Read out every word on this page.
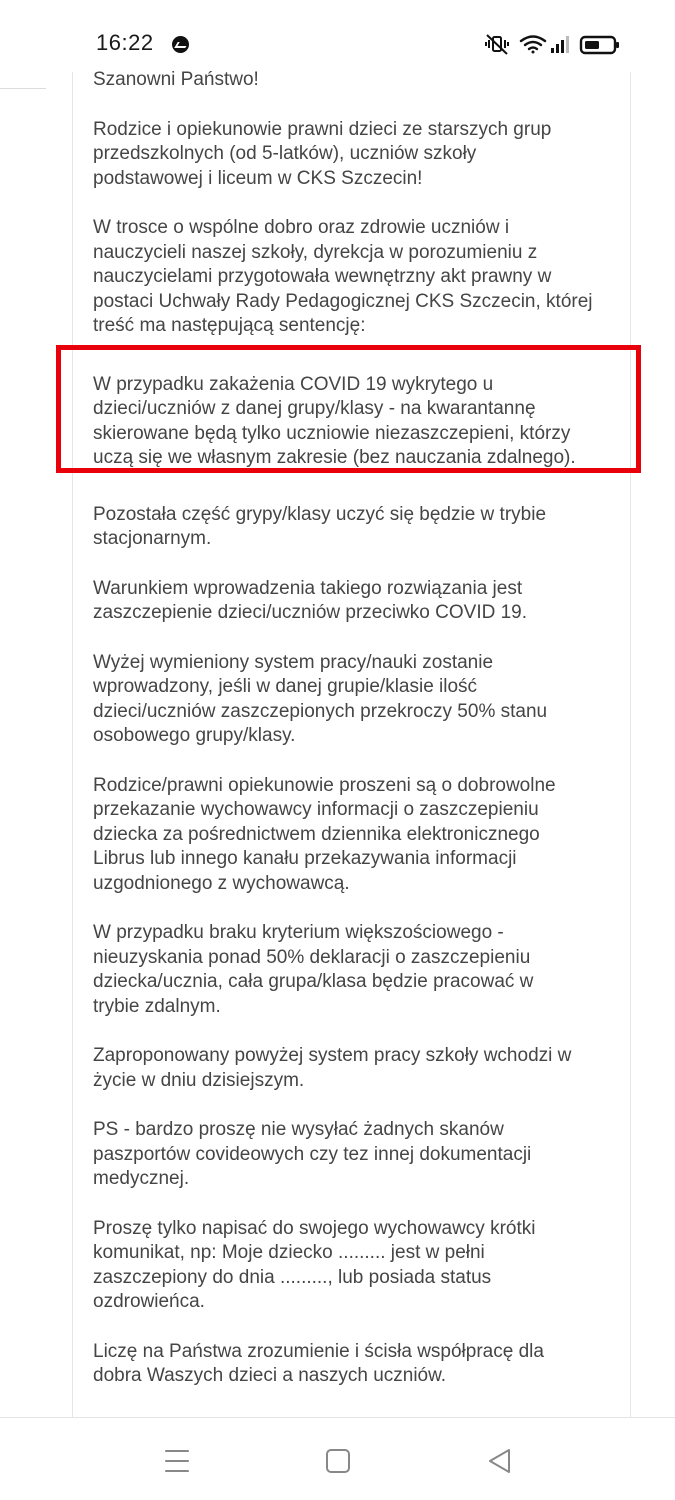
16:22

Szanowni Państwo!

Rodzice i opiekunowie prawni dzieci ze starszych grup
przedszkolnych (od 5-latków), uczniów szkoły
podstawowej i liceum w CKS Szczecin!

W trosce o wspólne dobro oraz zdrowie uczniów i
nauczycieli naszej szkoły, dyrekcja w porozumieniu z
nauczycielami przygotowała wewnętrzny akt prawny w
postaci Uchwały Rady Pedagogicznej CKS Szczecin, której
treść ma następującą sentencję:

W przypadku zakażenia COVID 19 wykrytego u
dzieci/uczniów z danej grupy/klasy - na kwarantannę
skierowane będą tylko uczniowie niezaszczepieni, którzy
uczą się we własnym zakresie (bez nauczania zdalnego).

Pozostała część grypy/klasy uczyć się będzie w trybie
stacjonarnym.

Warunkiem wprowadzenia takiego rozwiązania jest
zaszczepienie dzieci/uczniów przeciwko COVID 19.

Wyżej wymieniony system pracy/nauki zostanie
wprowadzony, jeśli w danej grupie/klasie ilość
dzieci/uczniów zaszczepionych przekroczy 50% stanu
osobowego grupy/klasy.

Rodzice/prawni opiekunowie proszeni są o dobrowolne
przekazanie wychowawcy informacji o zaszczepieniu
dziecka za pośrednictwem dziennika elektronicznego
Librus lub innego kanału przekazywania informacji
uzgodnionego z wychowawcą.

W przypadku braku kryterium większościowego -
nieuzyskania ponad 50% deklaracji o zaszczepieniu
dziecka/ucznia, cała grupa/klasa będzie pracować w
trybie zdalnym.

Zaproponowany powyżej system pracy szkoły wchodzi w
życie w dniu dzisiejszym.

PS - bardzo proszę nie wysyłać żadnych skanów
paszportów covideowych czy tez innej dokumentacji
medycznej.

Proszę tylko napisać do swojego wychowawcy krótki
komunikat, np: Moje dziecko ......... jest w pełni
zaszczepiony do dnia ........., lub posiada status
ozdrowieńca.

Liczę na Państwa zrozumienie i ścisła współpracę dla
dobra Waszych dzieci a naszych uczniów.
